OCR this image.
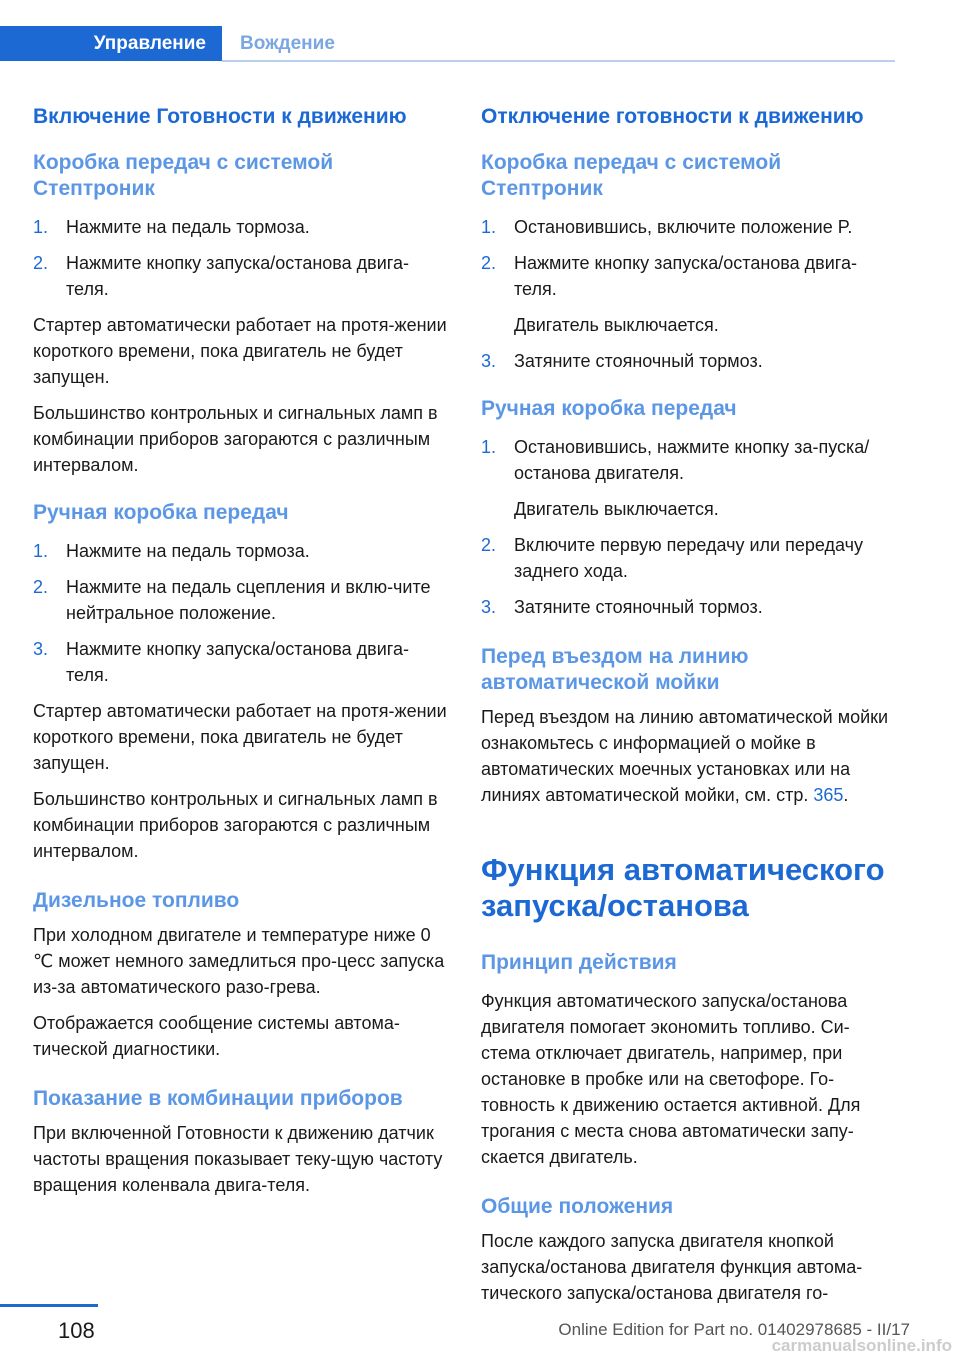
Управление	Вождение
Включение Готовности к движению
Коробка передач с системой Стептроник
1. Нажмите на педаль тормоза.
2. Нажмите кнопку запуска/останова двига‐теля.

Стартер автоматически работает на протя‐жении короткого времени, пока двигатель не будет запущен.

Большинство контрольных и сигнальных ламп в комбинации приборов загораются с различным интервалом.

Ручная коробка передач
1. Нажмите на педаль тормоза.
2. Нажмите на педаль сцепления и вклю‐чите нейтральное положение.
3. Нажмите кнопку запуска/останова двига‐теля.

Стартер автоматически работает на протя‐жении короткого времени, пока двигатель не будет запущен.

Большинство контрольных и сигнальных ламп в комбинации приборов загораются с различным интервалом.

Дизельное топливо

При холодном двигателе и температуре ниже 0 ℃ может немного замедлиться про‐цесс запуска из-за автоматического разо‐грева.

Отображается сообщение системы автома‐тической диагностики.

Показание в комбинации приборов

При включенной Готовности к движению датчик частоты вращения показывает теку‐щую частоту вращения коленвала двига‐теля.

Отключение готовности к движению
Коробка передач с системой Стептроник
1. Остановившись, включите положение P.
2. Нажмите кнопку запуска/останова двига‐теля.

Двигатель выключается.

3. Затяните стояночный тормоз.
Ручная коробка передач
1. Остановившись, нажмите кнопку за‐пуска/останова двигателя.

Двигатель выключается.

2. Включите первую передачу или передачу заднего хода.
3. Затяните стояночный тормоз.
Перед въездом на линию автоматической мойки

Перед въездом на линию автоматической мойки ознакомьтесь с информацией о мойке в автоматических моечных установках или на линиях автоматической мойки, см. стр. 365.

Функция автоматического запуска/останова
Принцип действия

Функция автоматического запуска/останова двигателя помогает экономить топливо. Си‐стема отключает двигатель, например, при остановке в пробке или на светофоре. Го‐товность к движению остается активной. Для трогания с места снова автоматически запу‐скается двигатель.

Общие положения

После каждого запуска двигателя кнопкой запуска/останова двигателя функция автома‐тического запуска/останова двигателя го‐

108	Online Edition for Part no. 01402978685 - II/17
carmanualsonline.info
